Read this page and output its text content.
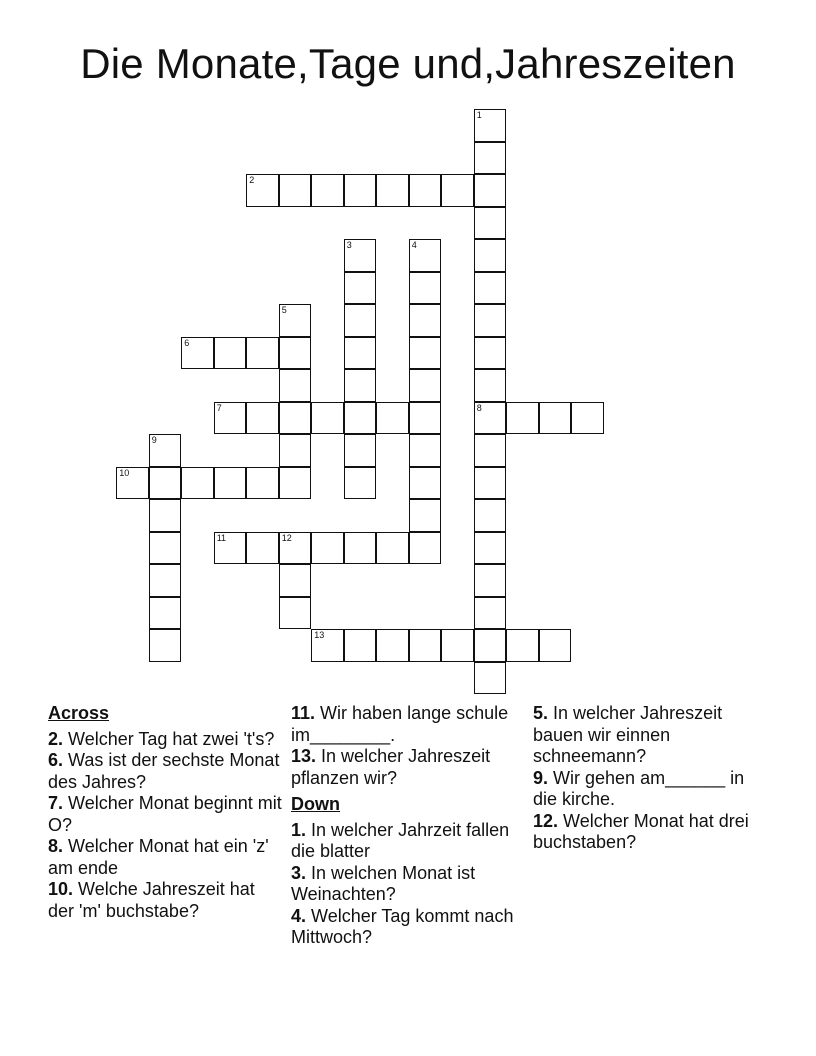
Die Monate,Tage und,Jahreszeiten
1
8
2
3	4
5
6
7
9
10
11	12
13
Across
2. Welcher Tag hat zwei 't's?
6. Was ist der sechste Monat des Jahres?
7. Welcher Monat beginnt mit O?
8. Welcher Monat hat ein 'z' am ende
10. Welche Jahreszeit hat der 'm' buchstabe?
11. Wir haben lange schule im________.
13. In welcher Jahreszeit pflanzen wir?
Down
1. In welcher Jahrzeit fallen die blatter
3. In welchen Monat ist Weinachten?
4. Welcher Tag kommt nach Mittwoch?
5. In welcher Jahreszeit bauen wir einnen schneemann?
9. Wir gehen am______ in die kirche.
12. Welcher Monat hat drei buchstaben?
